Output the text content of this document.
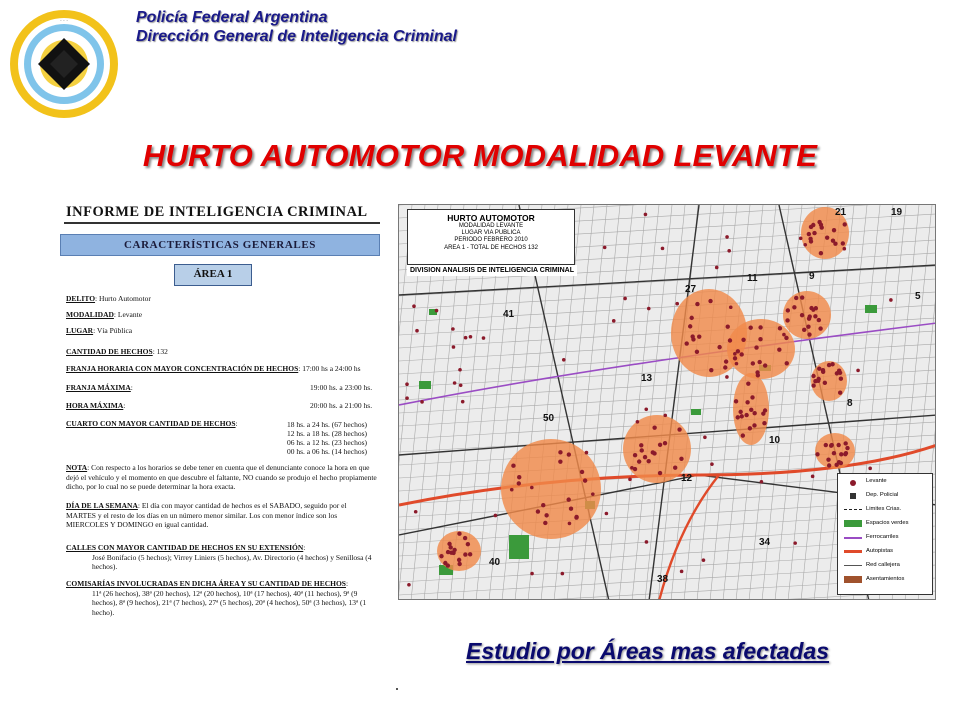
· · ·	Policía Federal Argentina
Dirección General de Inteligencia Criminal
HURTO AUTOMOTOR MODALIDAD LEVANTE
INFORME DE INTELIGENCIA CRIMINAL
CARACTERÍSTICAS GENERALES
ÁREA 1
DELITO: Hurto Automotor
MODALIDAD: Levante
LUGAR: Vía Pública
CANTIDAD DE HECHOS: 132
FRANJA HORARIA CON MAYOR CONCENTRACIÓN DE HECHOS: 17:00 hs a 24:00 hs
FRANJA MÁXIMA:	19:00 hs. a 23:00 hs.
HORA MÁXIMA:	20:00 hs. a 21:00 hs.
CUARTO CON MAYOR CANTIDAD DE HECHOS:	18 hs. a 24 hs. (67 hechos)
12 hs. a 18 hs. (28 hechos)
06 hs. a 12 hs. (23 hechos)
00 hs. a 06 hs. (14 hechos)
NOTA: Con respecto a los horarios se debe tener en cuenta que el denunciante conoce la hora en que dejó el vehículo y el momento en que descubre el faltante, NO cuando se produjo el hecho propiamente dicho, por lo cual no se puede determinar la hora exacta.
DÍA DE LA SEMANA: El día con mayor cantidad de hechos es el SABADO, seguido por el MARTES y el resto de los días en un número menor similar. Los con menor índice son los MIERCOLES Y DOMINGO en igual cantidad.
CALLES CON MAYOR CANTIDAD DE HECHOS EN SU EXTENSIÓN:
José Bonifacio (5 hechos); Virrey Liniers (5 hechos), Av. Directorio (4 hechos) y Senillosa (4 hechos).
COMISARÍAS INVOLUCRADAS EN DICHA ÁREA Y SU CANTIDAD DE HECHOS:
11ª (26 hechos), 38ª (20 hechos), 12ª (20 hechos), 10ª (17 hechos), 40ª (11 hechos), 9ª (9 hechos), 8ª (9 hechos), 21ª (7 hechos), 27ª (5 hechos), 20ª (4 hechos), 50ª (3 hechos), 13ª (1 hecho).
21	19
9
11
5
27
41
13
8
50
10
12
34
40
38
HURTO AUTOMOTOR
MODALIDAD LEVANTE
LUGAR VIA PUBLICA
PERIODO FEBRERO 2010
AREA 1 - TOTAL DE HECHOS 132
DIVISION ANALISIS DE INTELIGENCIA CRIMINAL
Levante
Dep. Policial
Limites Crias.
Espacios verdes
Ferrocarriles
Autopistas
Red callejera
Asentamientos
Estudio por Áreas mas afectadas
